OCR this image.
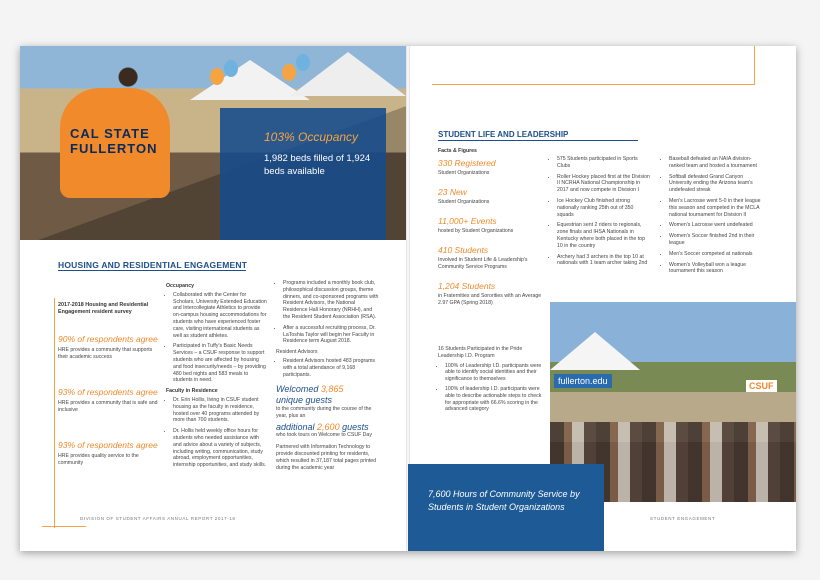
CAL STATE FULLERTON
103% Occupancy
1,982 beds filled of 1,924 beds available
HOUSING AND RESIDENTIAL ENGAGEMENT
2017-2018 Housing and Residential Engagement resident survey
90% of respondents agree
HRE provides a community that supports their academic success
93% of respondents agree
HRE provides a community that is safe and inclusive
93% of respondents agree
HRE provides quality service to the community
Occupancy
• Collaborated with the Center for Scholars, University Extended Education and Intercollegiate Athletics to provide on-campus housing accommodations for students who have experienced foster care, visiting international students as well as student athletes.
• Participated in Tuffy's Basic Needs Services – a CSUF response to support students who are affected by housing and food insecurity/needs – by providing 480 bed nights and 583 meals to students in need.
Faculty in Residence
• Dr. Erin Hollis, living in CSUF student housing as the faculty in residence, hosted over 40 programs attended by more than 700 students.
• Dr. Hollis held weekly office hours for students who needed assistance with and advice about a variety of subjects, including writing, communication, study abroad, employment opportunities, internship opportunities, and study skills.
• Programs included a monthly book club, philosophical discussion groups, theme dinners, and co-sponsored programs with Resident Advisors, the National Residence Hall Honorary (NRHH), and the Resident Student Association (RSA).
• After a successful recruiting process, Dr. LaToshia Taylor will begin her Faculty in Residence term August 2018.
Resident Advisors
• Resident Advisors hosted 483 programs with a total attendance of 9,168 participants.
Welcomed 3,865
unique guests
to the community during the course of the year, plus an
additional 2,600 guests
who took tours on Welcome to CSUF Day
Partnered with Information Technology to provide discounted printing for residents, which resulted in 37,187 total pages printed during the academic year
DIVISION OF STUDENT AFFAIRS ANNUAL REPORT 2017-18
STUDENT LIFE AND LEADERSHIP
Facts & Figures
330 Registered
Student Organizations
23 New
Student Organizations
11,000+ Events
hosted by Student Organizations
410 Students
Involved in Student Life & Leadership's Community Service Programs
1,204 Students
in Fraternities and Sororities with an Average 2.97 GPA (Spring 2018)
• 575 Students participated in Sports Clubs
• Roller Hockey placed first at the Division II NCRHA National Championship in 2017 and now compete in Division I
• Ice Hockey Club finished strong nationally ranking 25th out of 350 squads
• Equestrian sent 2 riders to regionals, zone finals and IHSA Nationals in Kentucky where both placed in the top 10 in the country
• Archery had 3 archers in the top 10 at nationals with 1 team archer taking 2nd
• Baseball defeated an NAIA division-ranked team and hosted a tournament
• Softball defeated Grand Canyon University ending the Arizona team's undefeated streak
• Men's Lacrosse went 5-0 in their league this season and competed in the MCLA national tournament for Division II
• Women's Lacrosse went undefeated
• Women's Soccer finished 2nd in their league
• Men's Soccer competed at nationals
• Women's Volleyball won a league tournament this season
16 Students Participated in the Pride Leadership I.D. Program
• 100% of Leadership I.D. participants were able to identify social identities and their significance to themselves
• 100% of leadership I.D. participants were able to describe actionable steps to check for appropriate with 66.6% scoring in the advanced category
fullerton.edu	CSUF
7,600 Hours of Community Service by Students in Student Organizations
STUDENT ENGAGEMENT
